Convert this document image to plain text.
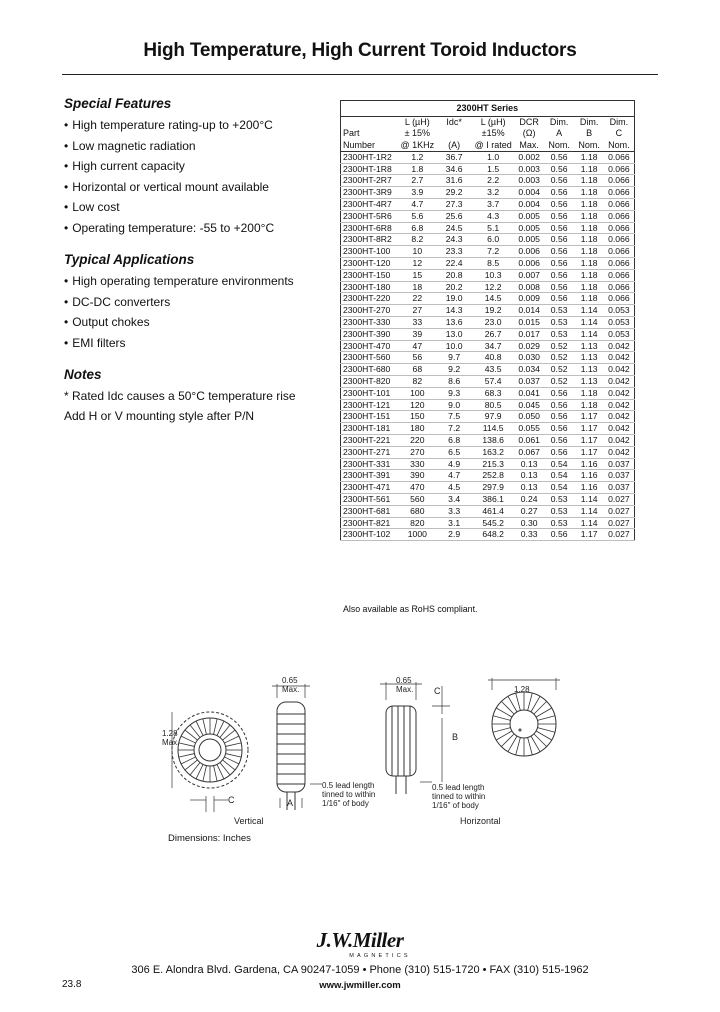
High Temperature, High Current Toroid Inductors
Special Features
• High temperature rating-up to +200°C
• Low magnetic radiation
• High current capacity
• Horizontal or vertical mount available
• Low cost
• Operating temperature: -55 to +200°C
Typical Applications
• High operating temperature environments
• DC-DC converters
• Output chokes
• EMI filters
Notes

* Rated Idc causes a 50°C temperature rise

Add H or V mounting style after P/N

2300HT Series							
	L (µH)	Idc*	L (µH)	DCR	Dim.	Dim.	Dim.
Part	± 15%		±15%	(Ω)	A	B	C
Number	@ 1KHz	(A)	@ I rated	Max.	Nom.	Nom.	Nom.
2300HT-1R2	1.2	36.7	1.0	0.002	0.56	1.18	0.066
2300HT-1R8	1.8	34.6	1.5	0.003	0.56	1.18	0.066
2300HT-2R7	2.7	31.6	2.2	0.003	0.56	1.18	0.066
2300HT-3R9	3.9	29.2	3.2	0.004	0.56	1.18	0.066
2300HT-4R7	4.7	27.3	3.7	0.004	0.56	1.18	0.066
2300HT-5R6	5.6	25.6	4.3	0.005	0.56	1.18	0.066
2300HT-6R8	6.8	24.5	5.1	0.005	0.56	1.18	0.066
2300HT-8R2	8.2	24.3	6.0	0.005	0.56	1.18	0.066
2300HT-100	10	23.3	7.2	0.006	0.56	1.18	0.066
2300HT-120	12	22.4	8.5	0.006	0.56	1.18	0.066
2300HT-150	15	20.8	10.3	0.007	0.56	1.18	0.066
2300HT-180	18	20.2	12.2	0.008	0.56	1.18	0.066
2300HT-220	22	19.0	14.5	0.009	0.56	1.18	0.066
2300HT-270	27	14.3	19.2	0.014	0.53	1.14	0.053
2300HT-330	33	13.6	23.0	0.015	0.53	1.14	0.053
2300HT-390	39	13.0	26.7	0.017	0.53	1.14	0.053
2300HT-470	47	10.0	34.7	0.029	0.52	1.13	0.042
2300HT-560	56	9.7	40.8	0.030	0.52	1.13	0.042
2300HT-680	68	9.2	43.5	0.034	0.52	1.13	0.042
2300HT-820	82	8.6	57.4	0.037	0.52	1.13	0.042
2300HT-101	100	9.3	68.3	0.041	0.56	1.18	0.042
2300HT-121	120	9.0	80.5	0.045	0.56	1.18	0.042
2300HT-151	150	7.5	97.9	0.050	0.56	1.17	0.042
2300HT-181	180	7.2	114.5	0.055	0.56	1.17	0.042
2300HT-221	220	6.8	138.6	0.061	0.56	1.17	0.042
2300HT-271	270	6.5	163.2	0.067	0.56	1.17	0.042
2300HT-331	330	4.9	215.3	0.13	0.54	1.16	0.037
2300HT-391	390	4.7	252.8	0.13	0.54	1.16	0.037
2300HT-471	470	4.5	297.9	0.13	0.54	1.16	0.037
2300HT-561	560	3.4	386.1	0.24	0.53	1.14	0.027
2300HT-681	680	3.3	461.4	0.27	0.53	1.14	0.027
2300HT-821	820	3.1	545.2	0.30	0.53	1.14	0.027
2300HT-102	1000	2.9	648.2	0.33	0.56	1.17	0.027
Also available as RoHS compliant.
1.28
Max.
C
0.65
Max.
A
0.5 lead length
tinned to within
1/16" of body
Vertical
0.65
Max. C
B
0.5 lead length
tinned to within
1/16" of body
Horizontal
1.28
Dimensions: Inches
J.W.Miller
MAGNETICS
306 E. Alondra Blvd. Gardena, CA 90247-1059 • Phone (310) 515-1720 • FAX (310) 515-1962
www.jwmiller.com
23.8
